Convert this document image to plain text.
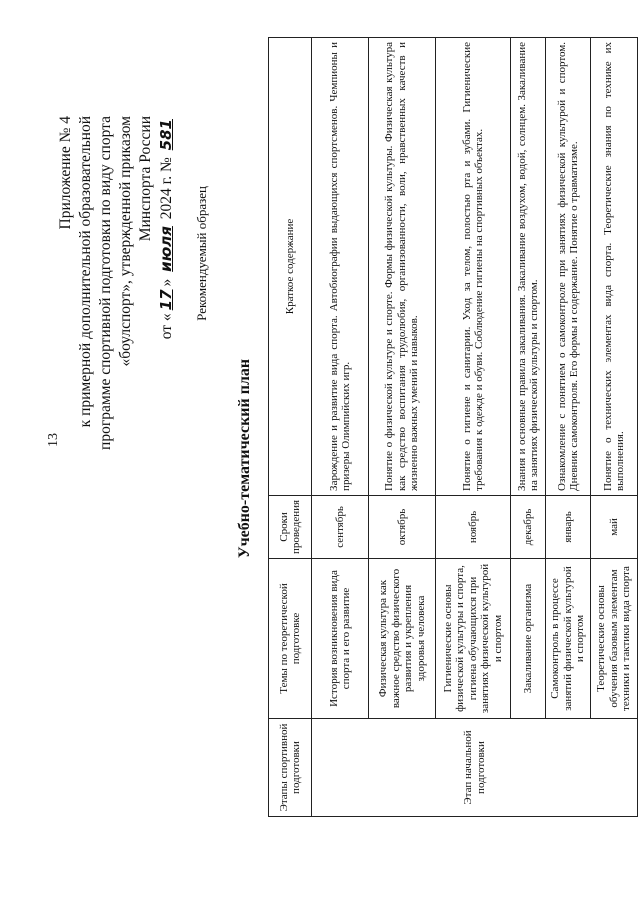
13
Приложение № 4 к примерной дополнительной образовательной программе спортивной подготовки по виду спорта «боулспорт», утвержденной приказом Минспорта России
от «17» июля 2024 г. № 581
Рекомендуемый образец
Учебно-тематический план
Этапы спортивной подготовки	Темы по теоретической подготовке	Сроки проведения	Краткое содержание
Этап начальной подготовки	История возникновения вида спорта и его развитие	сентябрь	Зарождение и развитие вида спорта. Автобиографии выдающихся спортсменов. Чемпионы и призеры Олимпийских игр.
	Физическая культура как важное средство физического развития и укрепления здоровья человека	октябрь	Понятие о физической культуре и спорте. Формы физической культуры. Физическая культура как средство воспитания трудолюбия, организованности, воли, нравственных качеств и жизненно важных умений и навыков.
	Гигиенические основы физической культуры и спорта, гигиена обучающихся при занятиях физической культурой и спортом	ноябрь	Понятие о гигиене и санитарии. Уход за телом, полостью рта и зубами. Гигиенические требования к одежде и обуви. Соблюдение гигиены на спортивных объектах.
	Закаливание организма	декабрь	Знания и основные правила закаливания. Закаливание воздухом, водой, солнцем. Закаливание на занятиях физической культуры и спортом.
	Самоконтроль в процессе занятий физической культурой и спортом	январь	Ознакомление с понятием о самоконтроле при занятиях физической культурой и спортом. Дневник самоконтроля. Его формы и содержание. Понятие о травматизме.
	Теоретические основы обучения базовым элементам техники и тактики вида спорта	май	Понятие о технических элементах вида спорта. Теоретические знания по технике их выполнения.
